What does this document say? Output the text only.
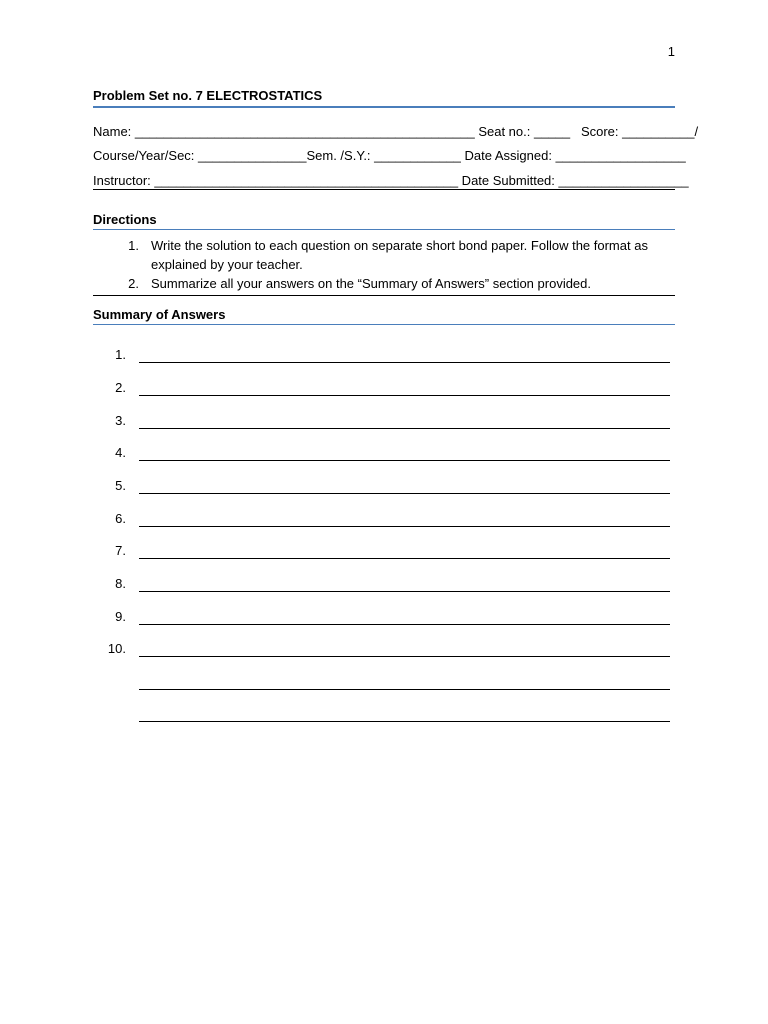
1
Problem Set no. 7 ELECTROSTATICS
Name: _______________________________________________ Seat no.: _____   Score: __________/
Course/Year/Sec: _______________Sem. /S.Y.: ____________ Date Assigned: __________________
Instructor: __________________________________________ Date Submitted: __________________
Directions
1. Write the solution to each question on separate short bond paper. Follow the format as explained by your teacher.
2. Summarize all your answers on the “Summary of Answers” section provided.
Summary of Answers
1.
2.
3.
4.
5.
6.
7.
8.
9.
10.
